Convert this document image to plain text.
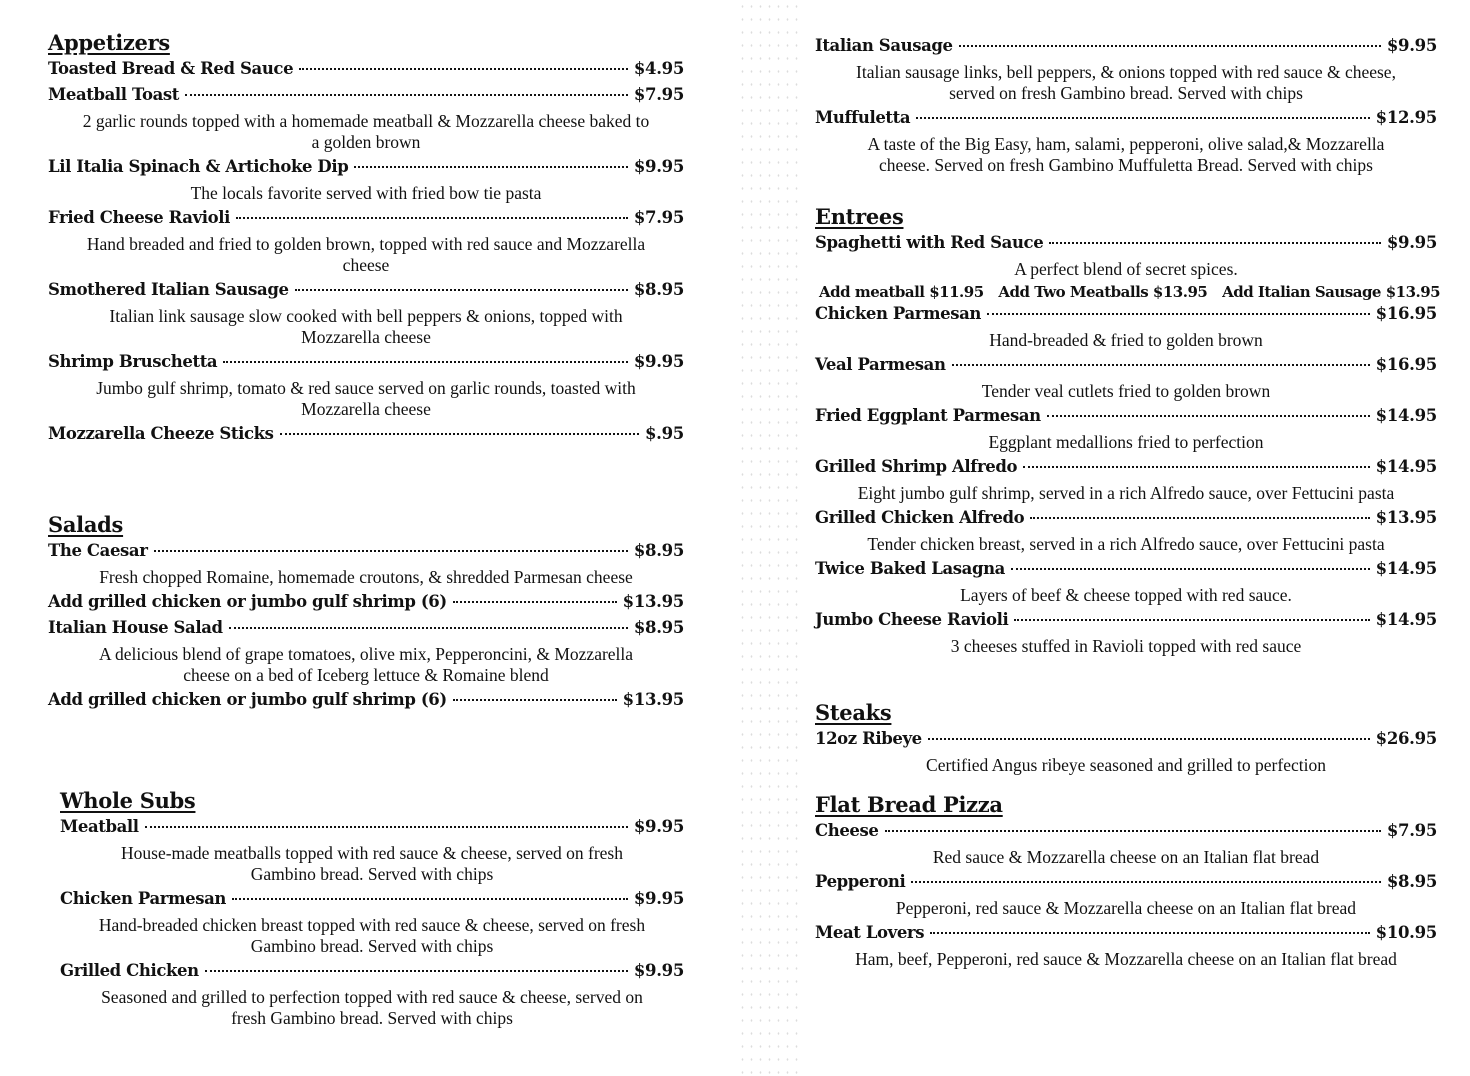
Appetizers
Toasted Bread & Red Sauce	$4.95
Meatball Toast	$7.95
2 garlic rounds topped with a homemade meatball & Mozzarella cheese baked to a golden brown
Lil Italia Spinach & Artichoke Dip	$9.95
The locals favorite served with fried bow tie pasta
Fried Cheese Ravioli	$7.95
Hand breaded and fried to golden brown, topped with red sauce and Mozzarella cheese
Smothered Italian Sausage	$8.95
Italian link sausage slow cooked with bell peppers & onions, topped with Mozzarella cheese
Shrimp Bruschetta	$9.95
Jumbo gulf shrimp, tomato & red sauce served on garlic rounds, toasted with Mozzarella cheese
Mozzarella Cheeze Sticks	$.95
Salads
The Caesar	$8.95
Fresh chopped Romaine, homemade croutons, & shredded Parmesan cheese
Add grilled chicken or jumbo gulf shrimp (6)	$13.95
Italian House Salad	$8.95
A delicious blend of grape tomatoes, olive mix, Pepperoncini, & Mozzarella cheese on a bed of Iceberg lettuce & Romaine blend
Add grilled chicken or jumbo gulf shrimp (6)	$13.95
Whole Subs
Meatball	$9.95
House-made meatballs topped with red sauce & cheese, served on fresh Gambino bread. Served with chips
Chicken Parmesan	$9.95
Hand-breaded chicken breast topped with red sauce & cheese, served on fresh Gambino bread. Served with chips
Grilled Chicken	$9.95
Seasoned and grilled to perfection topped with red sauce & cheese, served on fresh Gambino bread. Served with chips
Italian Sausage	$9.95
Italian sausage links, bell peppers, & onions topped with red sauce & cheese, served on fresh Gambino bread. Served with chips
Muffuletta	$12.95
A taste of the Big Easy, ham, salami, pepperoni, olive salad,& Mozzarella cheese. Served on fresh Gambino Muffuletta Bread. Served with chips
Entrees
Spaghetti with Red Sauce	$9.95
A perfect blend of secret spices.
Add meatball $11.95 Add Two Meatballs $13.95 Add Italian Sausage $13.95
Chicken Parmesan	$16.95
Hand-breaded & fried to golden brown
Veal Parmesan	$16.95
Tender veal cutlets fried to golden brown
Fried Eggplant Parmesan	$14.95
Eggplant medallions fried to perfection
Grilled Shrimp Alfredo	$14.95
Eight jumbo gulf shrimp, served in a rich Alfredo sauce, over Fettucini pasta
Grilled Chicken Alfredo	$13.95
Tender chicken breast, served in a rich Alfredo sauce, over Fettucini pasta
Twice Baked Lasagna	$14.95
Layers of beef & cheese topped with red sauce.
Jumbo Cheese Ravioli	$14.95
3 cheeses stuffed in Ravioli topped with red sauce
Steaks
12oz Ribeye	$26.95
Certified Angus ribeye seasoned and grilled to perfection
Flat Bread Pizza
Cheese	$7.95
Red sauce & Mozzarella cheese on an Italian flat bread
Pepperoni	$8.95
Pepperoni, red sauce & Mozzarella cheese on an Italian flat bread
Meat Lovers	$10.95
Ham, beef, Pepperoni, red sauce & Mozzarella cheese on an Italian flat bread
